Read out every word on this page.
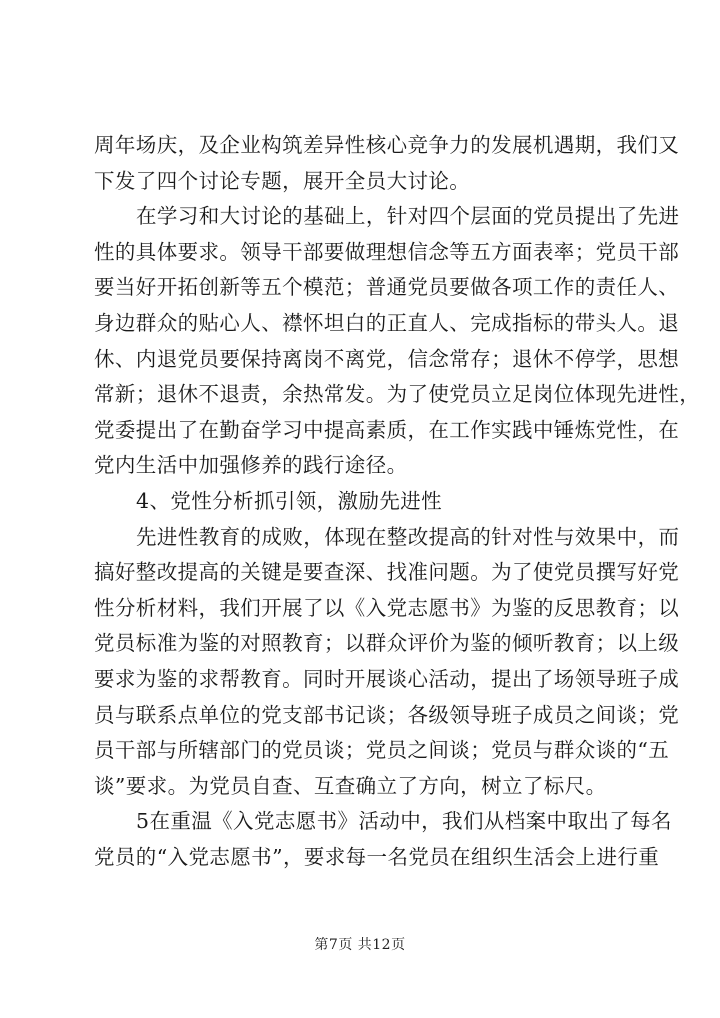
周年场庆，及企业构筑差异性核心竞争力的发展机遇期，我们又
下发了四个讨论专题，展开全员大讨论。
在学习和大讨论的基础上，针对四个层面的党员提出了先进
性的具体要求。领导干部要做理想信念等五方面表率；党员干部
要当好开拓创新等五个模范；普通党员要做各项工作的责任人、
身边群众的贴心人、襟怀坦白的正直人、完成指标的带头人。退
休、内退党员要保持离岗不离党，信念常存；退休不停学，思想
常新；退休不退责，余热常发。为了使党员立足岗位体现先进性，
党委提出了在勤奋学习中提高素质，在工作实践中锤炼党性，在
党内生活中加强修养的践行途径。
4、党性分析抓引领，激励先进性
先进性教育的成败，体现在整改提高的针对性与效果中，而
搞好整改提高的关键是要查深、找准问题。为了使党员撰写好党
性分析材料，我们开展了以《入党志愿书》为鉴的反思教育；以
党员标准为鉴的对照教育；以群众评价为鉴的倾听教育；以上级
要求为鉴的求帮教育。同时开展谈心活动，提出了场领导班子成
员与联系点单位的党支部书记谈；各级领导班子成员之间谈；党
员干部与所辖部门的党员谈；党员之间谈；党员与群众谈的“五
谈”要求。为党员自查、互查确立了方向，树立了标尺。
5在重温《入党志愿书》活动中，我们从档案中取出了每名
党员的“入党志愿书”，要求每一名党员在组织生活会上进行重
第7页 共12页
